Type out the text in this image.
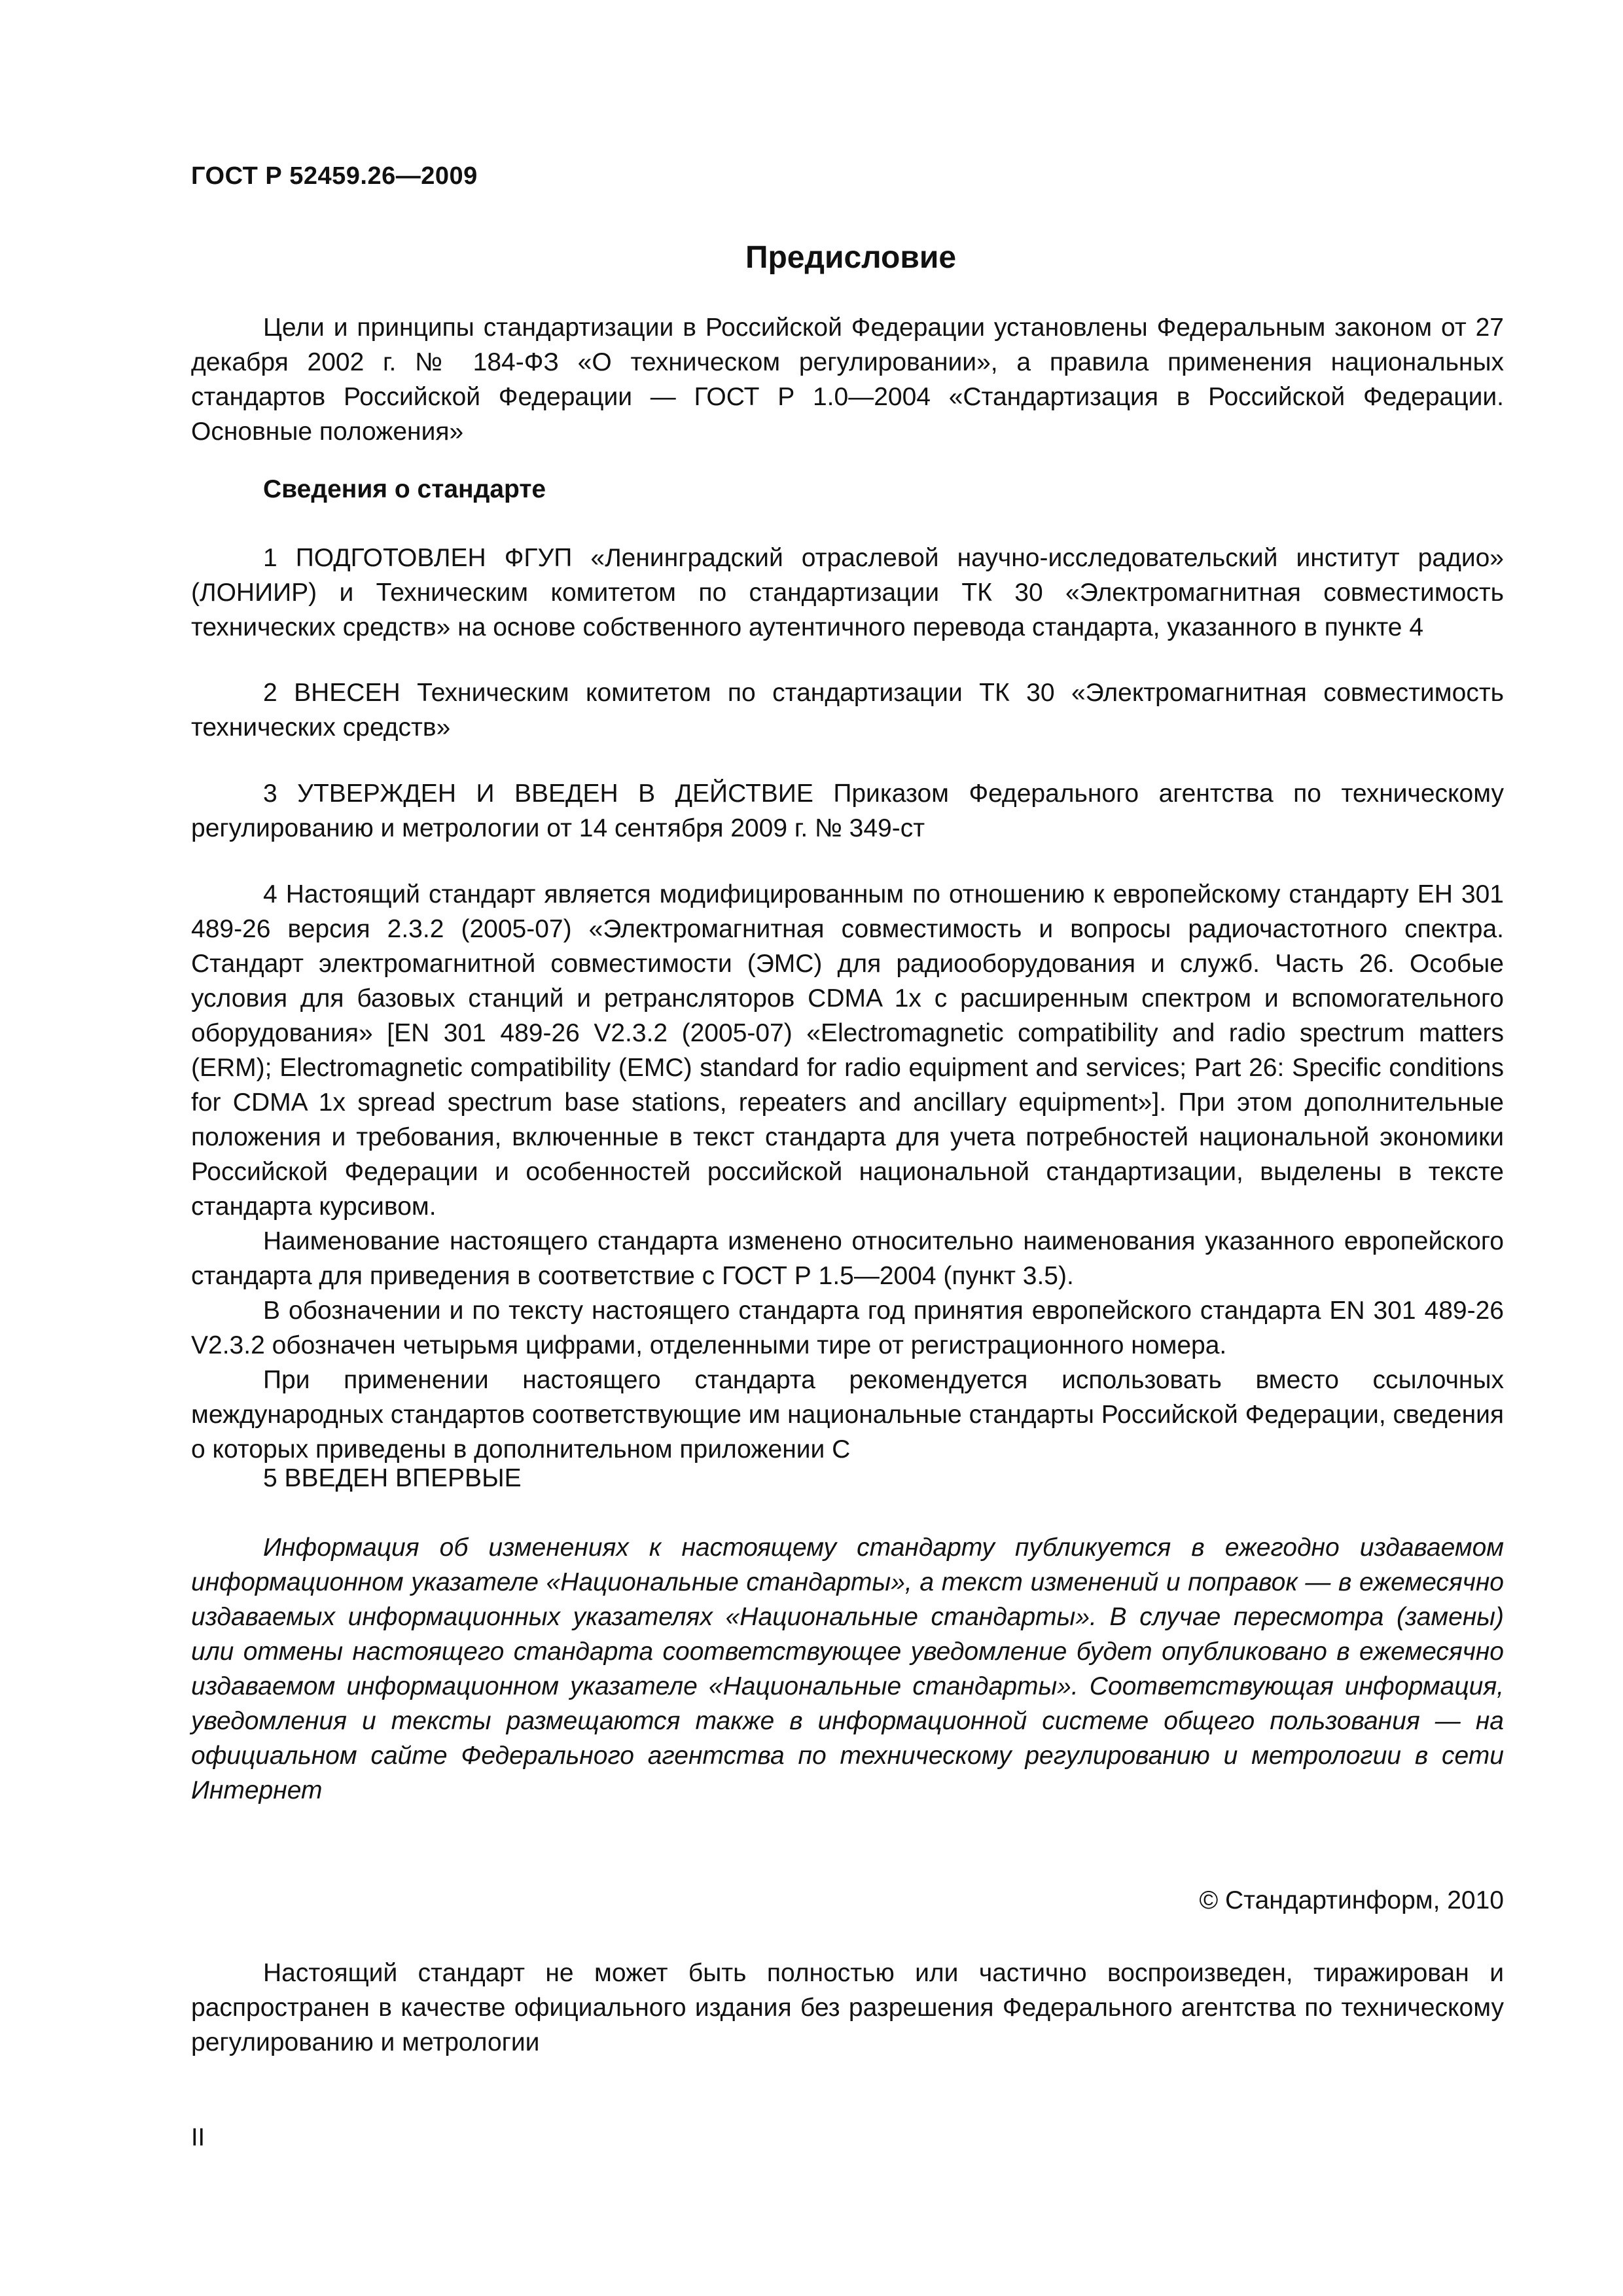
ГОСТ Р 52459.26—2009
Предисловие

Цели и принципы стандартизации в Российской Федерации установлены Федеральным законом от 27 декабря 2002 г. № 184-ФЗ «О техническом регулировании», а правила применения национальных стандартов Российской Федерации — ГОСТ Р 1.0—2004 «Стандартизация в Российской Федерации. Основные положения»

Сведения о стандарте

1 ПОДГОТОВЛЕН ФГУП «Ленинградский отраслевой научно-исследовательский институт радио» (ЛОНИИР) и Техническим комитетом по стандартизации ТК 30 «Электромагнитная совместимость технических средств» на основе собственного аутентичного перевода стандарта, указанного в пункте 4

2 ВНЕСЕН Техническим комитетом по стандартизации ТК 30 «Электромагнитная совместимость технических средств»

3 УТВЕРЖДЕН И ВВЕДЕН В ДЕЙСТВИЕ Приказом Федерального агентства по техническому регулированию и метрологии от 14 сентября 2009 г. № 349-ст

4 Настоящий стандарт является модифицированным по отношению к европейскому стандарту ЕН 301 489-26 версия 2.3.2 (2005-07) «Электромагнитная совместимость и вопросы радиочастотного спектра. Стандарт электромагнитной совместимости (ЭМС) для радиооборудования и служб. Часть 26. Особые условия для базовых станций и ретрансляторов CDMA 1x с расширенным спектром и вспомогательного оборудования» [EN 301 489-26 V2.3.2 (2005-07) «Electromagnetic compatibility and radio spectrum matters (ERM); Electromagnetic compatibility (EMC) standard for radio equipment and services; Part 26: Specific conditions for CDMA 1x spread spectrum base stations, repeaters and ancillary equipment»]. При этом дополнительные положения и требования, включенные в текст стандарта для учета потребностей национальной экономики Российской Федерации и особенностей российской национальной стандартизации, выделены в тексте стандарта курсивом.

Наименование настоящего стандарта изменено относительно наименования указанного европейского стандарта для приведения в соответствие с ГОСТ Р 1.5—2004 (пункт 3.5).

В обозначении и по тексту настоящего стандарта год принятия европейского стандарта EN 301 489-26 V2.3.2 обозначен четырьмя цифрами, отделенными тире от регистрационного номера.

При применении настоящего стандарта рекомендуется использовать вместо ссылочных международных стандартов соответствующие им национальные стандарты Российской Федерации, сведения о которых приведены в дополнительном приложении С

5 ВВЕДЕН ВПЕРВЫЕ

Информация об изменениях к настоящему стандарту публикуется в ежегодно издаваемом информационном указателе «Национальные стандарты», а текст изменений и поправок — в ежемесячно издаваемых информационных указателях «Национальные стандарты». В случае пересмотра (замены) или отмены настоящего стандарта соответствующее уведомление будет опубликовано в ежемесячно издаваемом информационном указателе «Национальные стандарты». Соответствующая информация, уведомления и тексты размещаются также в информационной системе общего пользования — на официальном сайте Федерального агентства по техническому регулированию и метрологии в сети Интернет

© Стандартинформ, 2010

Настоящий стандарт не может быть полностью или частично воспроизведен, тиражирован и распространен в качестве официального издания без разрешения Федерального агентства по техническому регулированию и метрологии

II
